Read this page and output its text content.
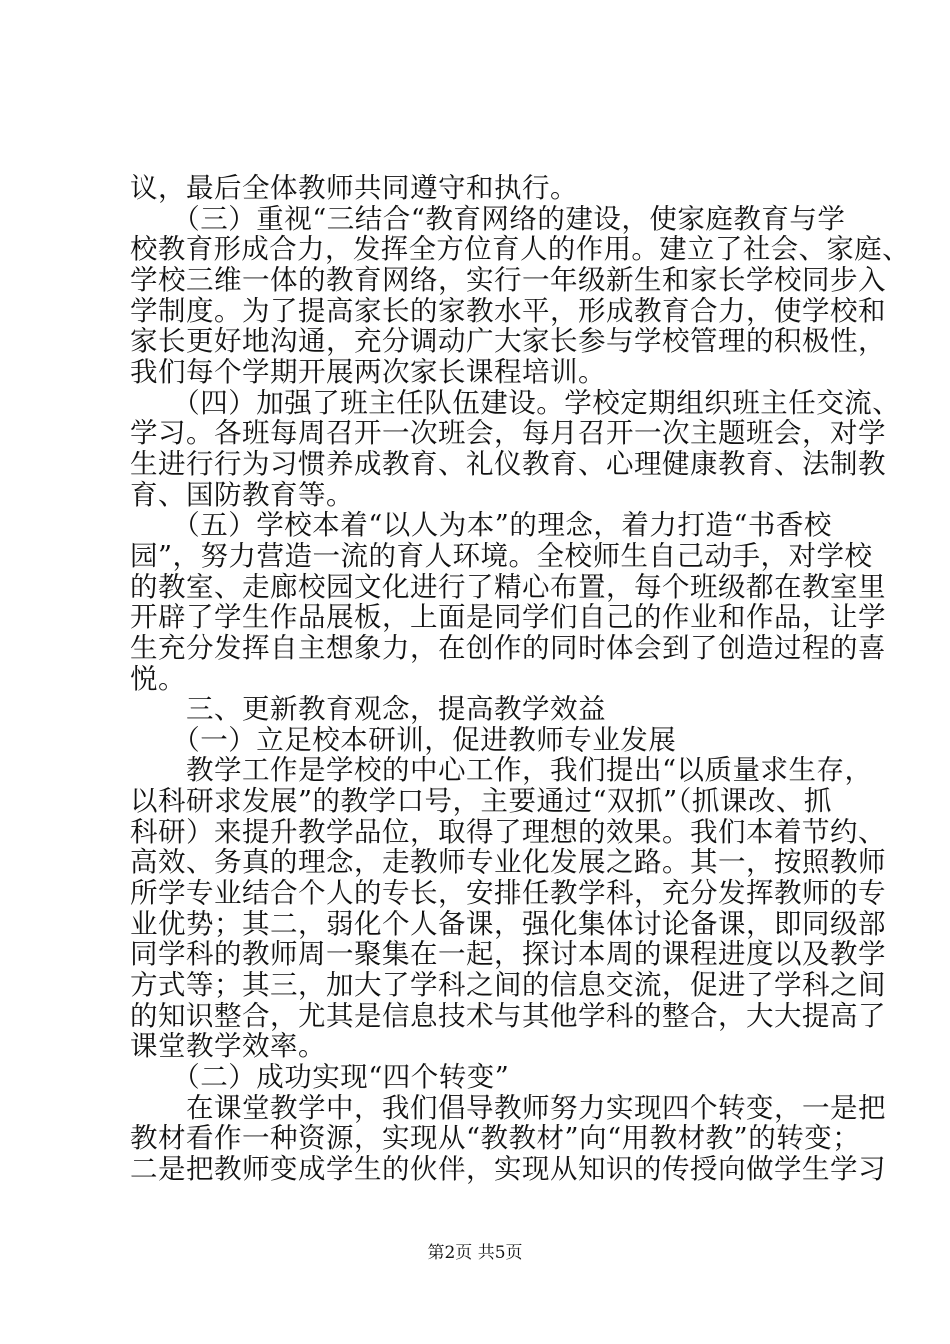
议，最后全体教师共同遵守和执行。
　　（三）重视“三结合“教育网络的建设，使家庭教育与学
校教育形成合力，发挥全方位育人的作用。建立了社会、家庭、
学校三维一体的教育网络，实行一年级新生和家长学校同步入
学制度。为了提高家长的家教水平，形成教育合力，使学校和
家长更好地沟通，充分调动广大家长参与学校管理的积极性，
我们每个学期开展两次家长课程培训。
　　（四）加强了班主任队伍建设。学校定期组织班主任交流、
学习。各班每周召开一次班会，每月召开一次主题班会，对学
生进行行为习惯养成教育、礼仪教育、心理健康教育、法制教
育、国防教育等。
　　（五）学校本着“以人为本”的理念，着力打造“书香校
园”，努力营造一流的育人环境。全校师生自己动手，对学校
的教室、走廊校园文化进行了精心布置，每个班级都在教室里
开辟了学生作品展板，上面是同学们自己的作业和作品，让学
生充分发挥自主想象力，在创作的同时体会到了创造过程的喜
悦。
　　三、更新教育观念，提高教学效益
　　（一）立足校本研训，促进教师专业发展
　　教学工作是学校的中心工作，我们提出“以质量求生存，
以科研求发展”的教学口号，主要通过“双抓”（抓课改、抓
科研）来提升教学品位，取得了理想的效果。我们本着节约、
高效、务真的理念，走教师专业化发展之路。其一，按照教师
所学专业结合个人的专长，安排任教学科，充分发挥教师的专
业优势；其二，弱化个人备课，强化集体讨论备课，即同级部
同学科的教师周一聚集在一起，探讨本周的课程进度以及教学
方式等；其三，加大了学科之间的信息交流，促进了学科之间
的知识整合，尤其是信息技术与其他学科的整合，大大提高了
课堂教学效率。
　　（二）成功实现“四个转变”
　　在课堂教学中，我们倡导教师努力实现四个转变，一是把
教材看作一种资源，实现从“教教材”向“用教材教”的转变；
二是把教师变成学生的伙伴，实现从知识的传授向做学生学习
第2页 共5页
